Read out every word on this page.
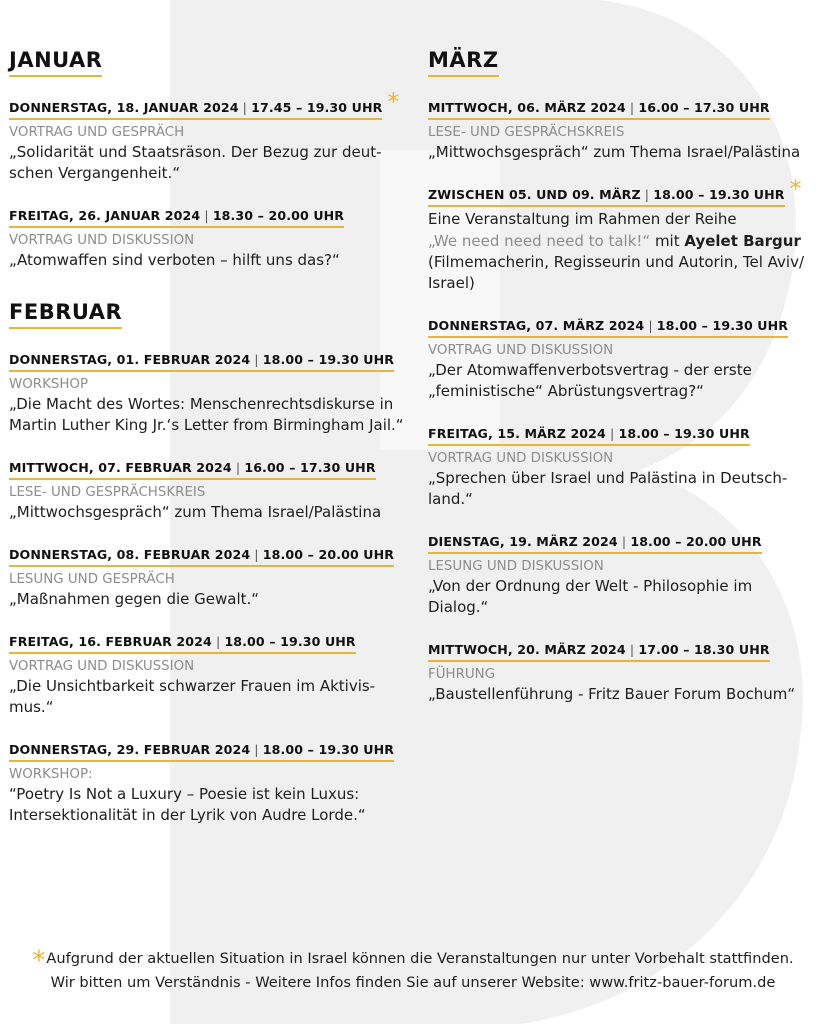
JANUAR
DONNERSTAG, 18. JANUAR 2024 | 17.45 – 19.30 UHR *
VORTRAG UND GESPRÄCH
„Solidarität und Staatsräson. Der Bezug zur deut-schen Vergangenheit.“
FREITAG, 26. JANUAR 2024 | 18.30 – 20.00 UHR
VORTRAG UND DISKUSSION
„Atomwaffen sind verboten – hilft uns das?“
FEBRUAR
DONNERSTAG, 01. FEBRUAR 2024 | 18.00 – 19.30 UHR
WORKSHOP
„Die Macht des Wortes: Menschenrechtsdiskurse in Martin Luther King Jr.‘s Letter from Birmingham Jail.“
MITTWOCH, 07. FEBRUAR 2024 | 16.00 – 17.30 UHR
LESE- UND GESPRÄCHSKREIS
„Mittwochsgespräch“ zum Thema Israel/Palästina
DONNERSTAG, 08. FEBRUAR 2024 | 18.00 – 20.00 UHR
LESUNG UND GESPRÄCH
„Maßnahmen gegen die Gewalt.“
FREITAG, 16. FEBRUAR 2024 | 18.00 – 19.30 UHR
VORTRAG UND DISKUSSION
„Die Unsichtbarkeit schwarzer Frauen im Aktivis-mus.“
DONNERSTAG, 29. FEBRUAR 2024 | 18.00 – 19.30 UHR
WORKSHOP:
“Poetry Is Not a Luxury – Poesie ist kein Luxus: Intersektionalität in der Lyrik von Audre Lorde.“
MÄRZ
MITTWOCH, 06. MÄRZ 2024 | 16.00 – 17.30 UHR
LESE- UND GESPRÄCHSKREIS
„Mittwochsgespräch“ zum Thema Israel/Palästina
ZWISCHEN 05. UND 09. MÄRZ | 18.00 – 19.30 UHR *
Eine Veranstaltung im Rahmen der Reihe
„We need need need to talk!“ mit Ayelet Bargur (Filmemacherin, Regisseurin und Autorin, Tel Aviv/ Israel)
DONNERSTAG, 07. MÄRZ 2024 | 18.00 – 19.30 UHR
VORTRAG UND DISKUSSION
„Der Atomwaffenverbotsvertrag - der erste „feministische“ Abrüstungsvertrag?“
FREITAG, 15. MÄRZ 2024 | 18.00 – 19.30 UHR
VORTRAG UND DISKUSSION
„Sprechen über Israel und Palästina in Deutsch-land.“
DIENSTAG, 19. MÄRZ 2024 | 18.00 – 20.00 UHR
LESUNG UND DISKUSSION
„Von der Ordnung der Welt - Philosophie im Dialog.“
MITTWOCH, 20. MÄRZ 2024 | 17.00 – 18.30 UHR
FÜHRUNG
„Baustellenführung - Fritz Bauer Forum Bochum“
*Aufgrund der aktuellen Situation in Israel können die Veranstaltungen nur unter Vorbehalt stattfinden.
Wir bitten um Verständnis - Weitere Infos finden Sie auf unserer Website: www.fritz-bauer-forum.de
